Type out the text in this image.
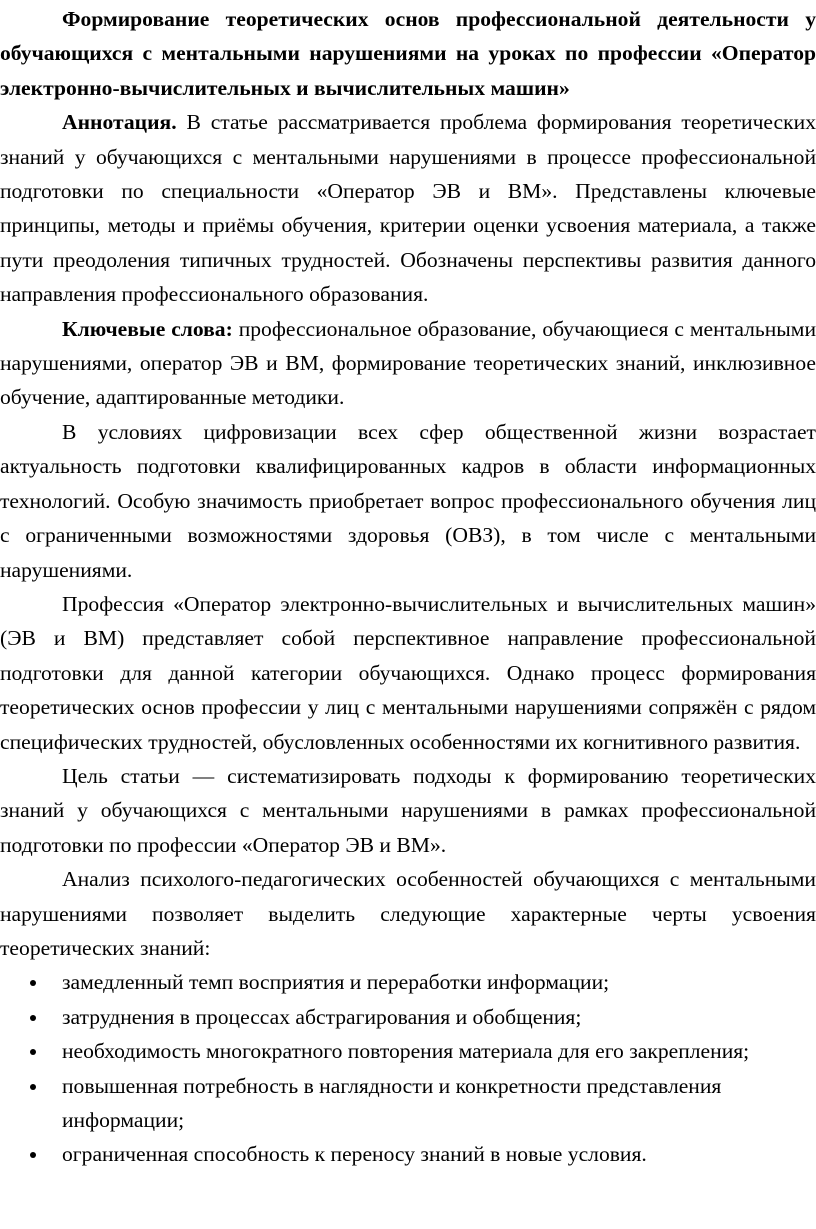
Формирование теоретических основ профессиональной деятельности у обучающихся с ментальными нарушениями на уроках по профессии «Оператор электронно-вычислительных и вычислительных машин»

Аннотация. В статье рассматривается проблема формирования теоретических знаний у обучающихся с ментальными нарушениями в процессе профессиональной подготовки по специальности «Оператор ЭВ и ВМ». Представлены ключевые принципы, методы и приёмы обучения, критерии оценки усвоения материала, а также пути преодоления типичных трудностей. Обозначены перспективы развития данного направления профессионального образования.

Ключевые слова: профессиональное образование, обучающиеся с ментальными нарушениями, оператор ЭВ и ВМ, формирование теоретических знаний, инклюзивное обучение, адаптированные методики.

В условиях цифровизации всех сфер общественной жизни возрастает актуальность подготовки квалифицированных кадров в области информационных технологий. Особую значимость приобретает вопрос профессионального обучения лиц с ограниченными возможностями здоровья (ОВЗ), в том числе с ментальными нарушениями.

Профессия «Оператор электронно-вычислительных и вычислительных машин» (ЭВ и ВМ) представляет собой перспективное направление профессиональной подготовки для данной категории обучающихся. Однако процесс формирования теоретических основ профессии у лиц с ментальными нарушениями сопряжён с рядом специфических трудностей, обусловленных особенностями их когнитивного развития.

Цель статьи — систематизировать подходы к формированию теоретических знаний у обучающихся с ментальными нарушениями в рамках профессиональной подготовки по профессии «Оператор ЭВ и ВМ».

Анализ психолого-педагогических особенностей обучающихся с ментальными нарушениями позволяет выделить следующие характерные черты усвоения теоретических знаний:

замедленный темп восприятия и переработки информации;
затруднения в процессах абстрагирования и обобщения;
необходимость многократного повторения материала для его закрепления;
повышенная потребность в наглядности и конкретности представления информации;
ограниченная способность к переносу знаний в новые условия.
